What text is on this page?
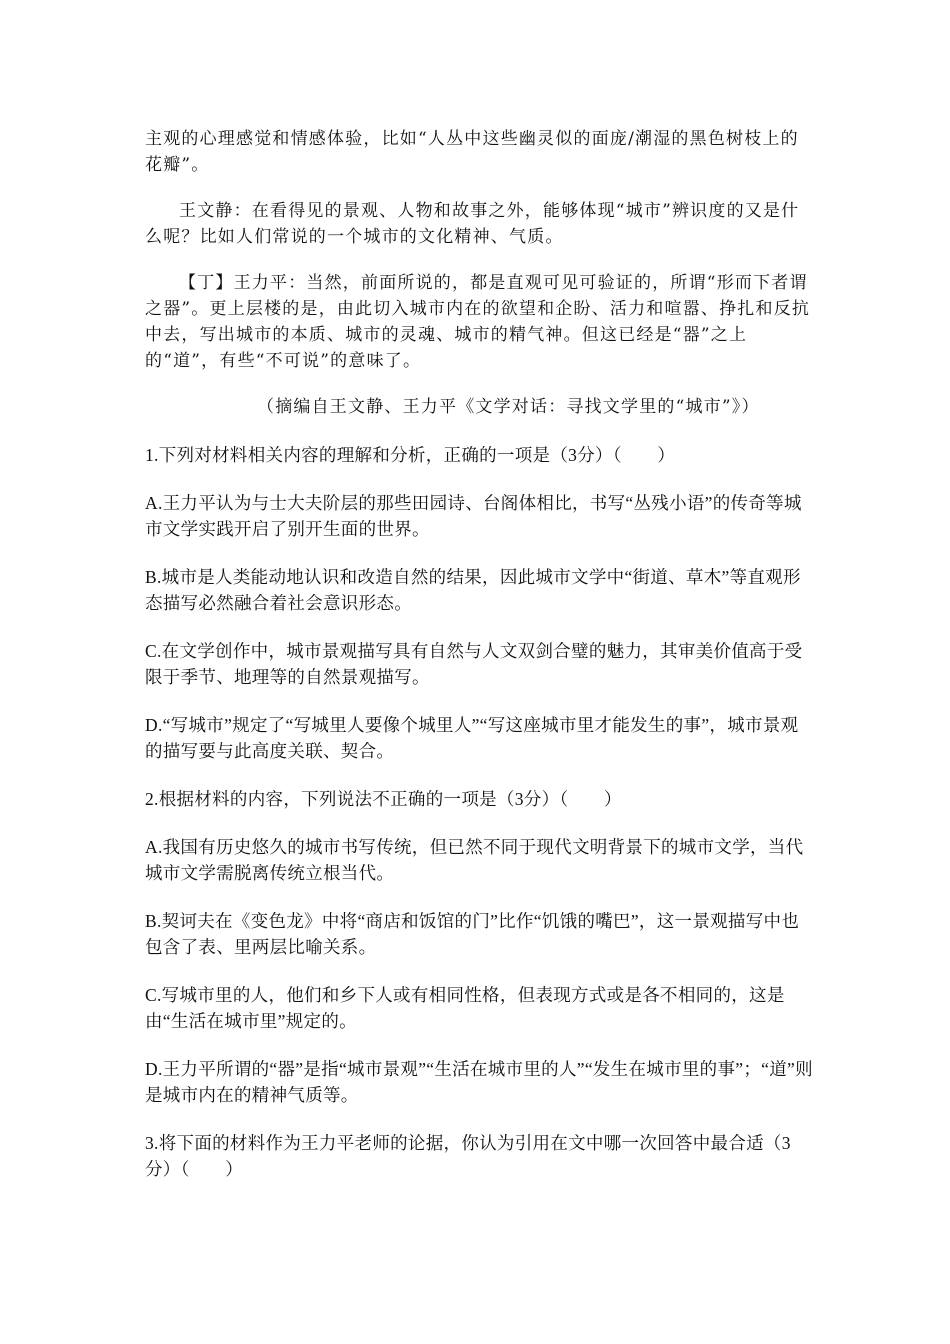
主观的心理感觉和情感体验，比如“人丛中这些幽灵似的面庞/潮湿的黑色树枝上的花瓣”。

王文静：在看得见的景观、人物和故事之外，能够体现“城市”辨识度的又是什么呢？比如人们常说的一个城市的文化精神、气质。

【丁】王力平：当然，前面所说的，都是直观可见可验证的，所谓“形而下者谓之器”。更上层楼的是，由此切入城市内在的欲望和企盼、活力和喧嚣、挣扎和反抗中去，写出城市的本质、城市的灵魂、城市的精气神。但这已经是“器”之上的“道”，有些“不可说”的意味了。

（摘编自王文静、王力平《文学对话：寻找文学里的“城市”》）

1.下列对材料相关内容的理解和分析，正确的一项是（3分）（　　）

A.王力平认为与士大夫阶层的那些田园诗、台阁体相比，书写“丛残小语”的传奇等城市文学实践开启了别开生面的世界。

B.城市是人类能动地认识和改造自然的结果，因此城市文学中“街道、草木”等直观形态描写必然融合着社会意识形态。

C.在文学创作中，城市景观描写具有自然与人文双剑合璧的魅力，其审美价值高于受限于季节、地理等的自然景观描写。

D.“写城市”规定了“写城里人要像个城里人”“写这座城市里才能发生的事”，城市景观的描写要与此高度关联、契合。

2.根据材料的内容，下列说法不正确的一项是（3分）（　　）

A.我国有历史悠久的城市书写传统，但已然不同于现代文明背景下的城市文学，当代城市文学需脱离传统立根当代。

B.契诃夫在《变色龙》中将“商店和饭馆的门”比作“饥饿的嘴巴”，这一景观描写中也包含了表、里两层比喻关系。

C.写城市里的人，他们和乡下人或有相同性格，但表现方式或是各不相同的，这是由“生活在城市里”规定的。

D.王力平所谓的“器”是指“城市景观”“生活在城市里的人”“发生在城市里的事”；“道”则是城市内在的精神气质等。

3.将下面的材料作为王力平老师的论据，你认为引用在文中哪一次回答中最合适（3分）（　　）
